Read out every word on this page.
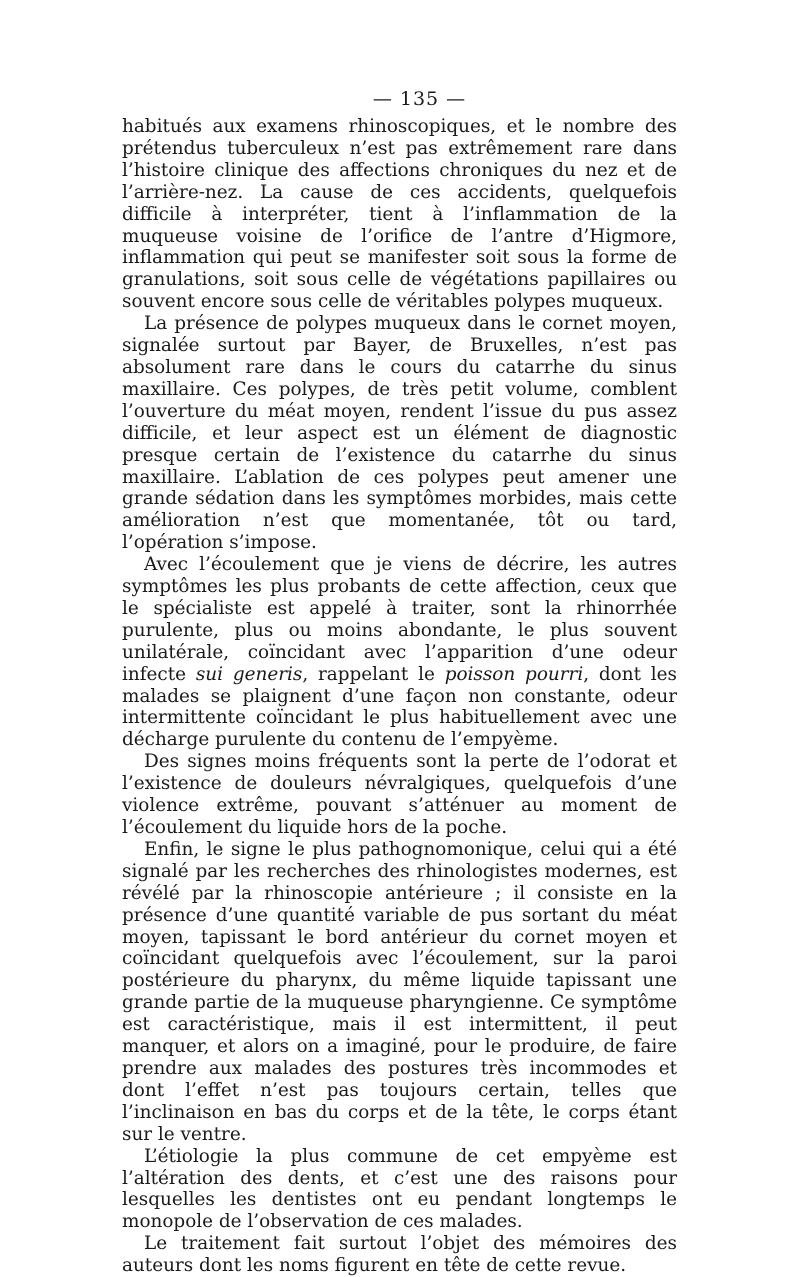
— 135 —

habitués aux examens rhinoscopiques, et le nombre des prétendus tuberculeux n’est pas extrêmement rare dans l’histoire clinique des affections chroniques du nez et de l’arrière-nez. La cause de ces accidents, quelquefois difficile à interpréter, tient à l’inflammation de la muqueuse voisine de l’orifice de l’antre d’Higmore, inflammation qui peut se manifester soit sous la forme de granulations, soit sous celle de végétations papillaires ou souvent encore sous celle de véritables polypes muqueux.

La présence de polypes muqueux dans le cornet moyen, signalée surtout par Bayer, de Bruxelles, n’est pas absolument rare dans le cours du catarrhe du sinus maxillaire. Ces polypes, de très petit volume, comblent l’ouverture du méat moyen, rendent l’issue du pus assez difficile, et leur aspect est un élément de diagnostic presque certain de l’existence du catarrhe du sinus maxillaire. L’ablation de ces polypes peut amener une grande sédation dans les symptômes morbides, mais cette amélioration n’est que momentanée, tôt ou tard, l’opération s’impose.

Avec l’écoulement que je viens de décrire, les autres symptômes les plus probants de cette affection, ceux que le spécialiste est appelé à traiter, sont la rhinorrhée purulente, plus ou moins abondante, le plus souvent unilatérale, coïncidant avec l’apparition d’une odeur infecte sui generis, rappelant le poisson pourri, dont les malades se plaignent d’une façon non constante, odeur intermittente coïncidant le plus habituellement avec une décharge purulente du contenu de l’empyème.

Des signes moins fréquents sont la perte de l’odorat et l’existence de douleurs névralgiques, quelquefois d’une violence extrême, pouvant s’atténuer au moment de l’écoulement du liquide hors de la poche.

Enfin, le signe le plus pathognomonique, celui qui a été signalé par les recherches des rhinologistes modernes, est révélé par la rhinoscopie antérieure ; il consiste en la présence d’une quantité variable de pus sortant du méat moyen, tapissant le bord antérieur du cornet moyen et coïncidant quelquefois avec l’écoulement, sur la paroi postérieure du pharynx, du même liquide tapissant une grande partie de la muqueuse pharyngienne. Ce symptôme est caractéristique, mais il est intermittent, il peut manquer, et alors on a imaginé, pour le produire, de faire prendre aux malades des postures très incommodes et dont l’effet n’est pas toujours certain, telles que l’inclinaison en bas du corps et de la tête, le corps étant sur le ventre.

L’étiologie la plus commune de cet empyème est l’altération des dents, et c’est une des raisons pour lesquelles les dentistes ont eu pendant longtemps le monopole de l’observation de ces malades.

Le traitement fait surtout l’objet des mémoires des auteurs dont les noms figurent en tête de cette revue.
